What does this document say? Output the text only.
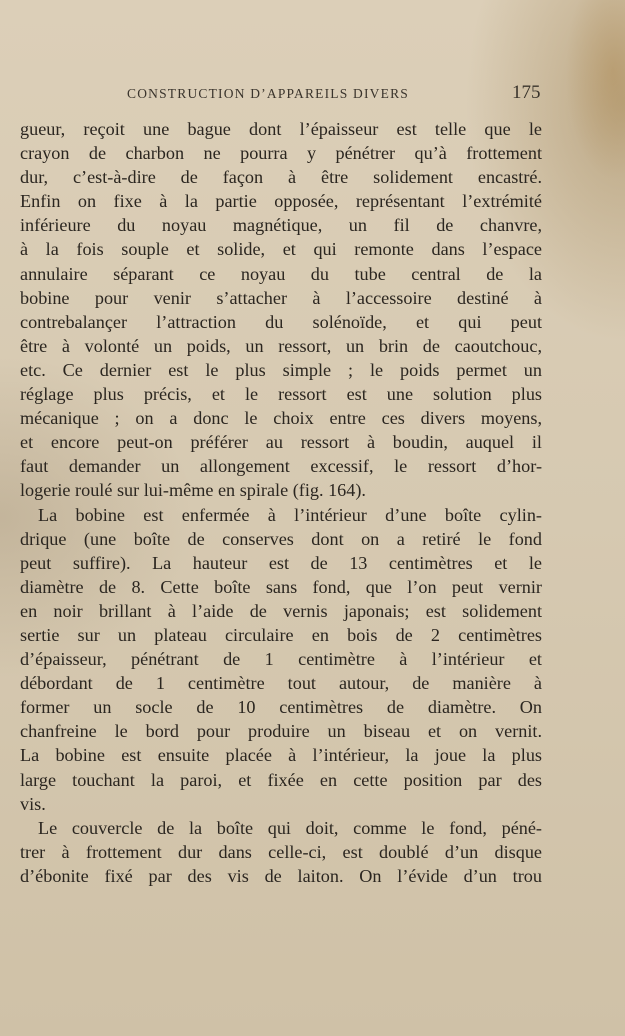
CONSTRUCTION D’APPAREILS DIVERS	175
gueur, reçoit une bague dont l’épaisseur est telle que le
crayon de charbon ne pourra y pénétrer qu’à frottement
dur, c’est-à-dire de façon à être solidement encastré.
Enfin on fixe à la partie opposée, représentant l’extrémité
inférieure du noyau magnétique, un fil de chanvre,
à la fois souple et solide, et qui remonte dans l’espace
annulaire séparant ce noyau du tube central de la
bobine pour venir s’attacher à l’accessoire destiné à
contrebalançer l’attraction du solénoïde, et qui peut
être à volonté un poids, un ressort, un brin de caoutchouc,
etc. Ce dernier est le plus simple ; le poids permet un
réglage plus précis, et le ressort est une solution plus
mécanique ; on a donc le choix entre ces divers moyens,
et encore peut-on préférer au ressort à boudin, auquel il
faut demander un allongement excessif, le ressort d’hor-
logerie roulé sur lui-même en spirale (fig. 164).
La bobine est enfermée à l’intérieur d’une boîte cylin-
drique (une boîte de conserves dont on a retiré le fond
peut suffire). La hauteur est de 13 centimètres et le
diamètre de 8. Cette boîte sans fond, que l’on peut vernir
en noir brillant à l’aide de vernis japonais; est solidement
sertie sur un plateau circulaire en bois de 2 centimètres
d’épaisseur, pénétrant de 1 centimètre à l’intérieur et
débordant de 1 centimètre tout autour, de manière à
former un socle de 10 centimètres de diamètre. On
chanfreine le bord pour produire un biseau et on vernit.
La bobine est ensuite placée à l’intérieur, la joue la plus
large touchant la paroi, et fixée en cette position par des
vis.
Le couvercle de la boîte qui doit, comme le fond, péné-
trer à frottement dur dans celle-ci, est doublé d’un disque
d’ébonite fixé par des vis de laiton. On l’évide d’un trou
